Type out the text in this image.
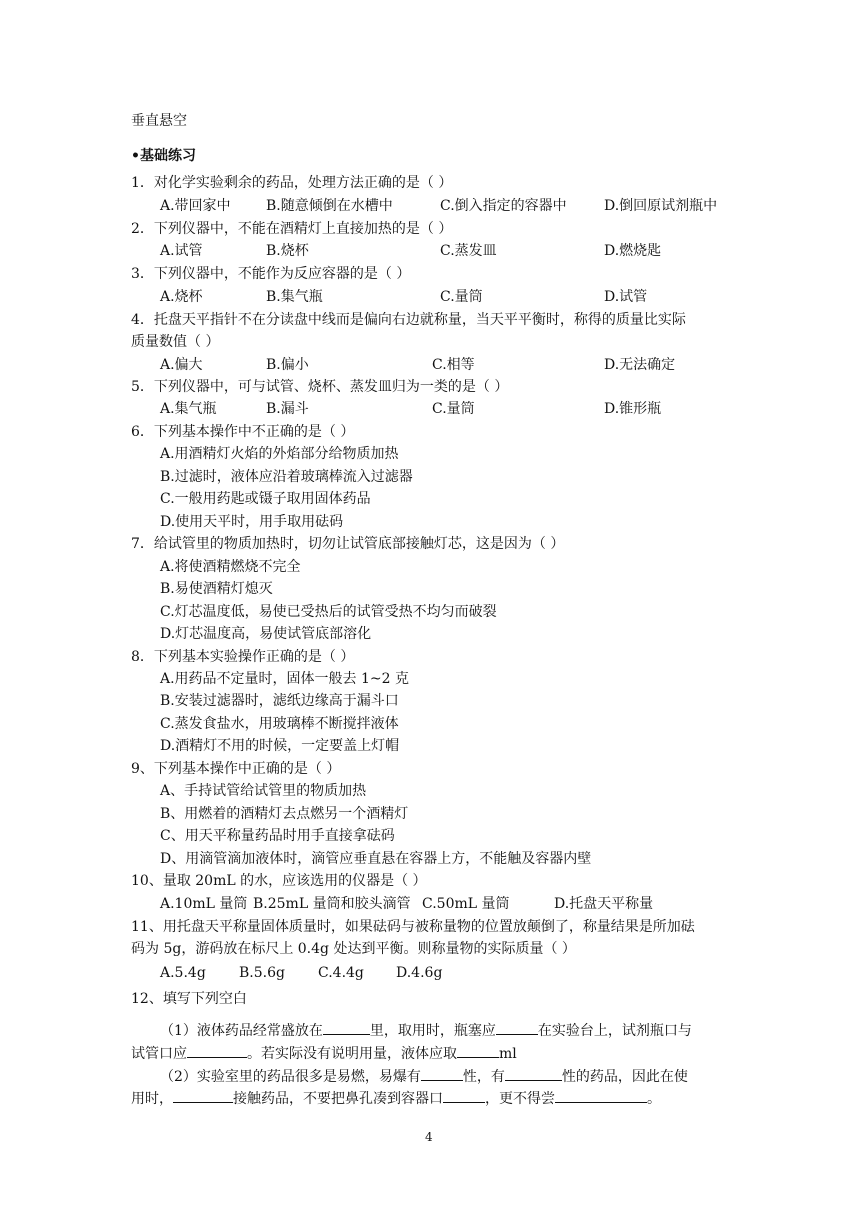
垂直悬空
•基础练习
1．对化学实验剩余的药品，处理方法正确的是（ ）
A.带回家中	B.随意倾倒在水槽中	C.倒入指定的容器中	D.倒回原试剂瓶中
2．下列仪器中，不能在酒精灯上直接加热的是（ ）
A.试管	B.烧杯	C.蒸发皿	D.燃烧匙
3．下列仪器中，不能作为反应容器的是（ ）
A.烧杯	B.集气瓶	C.量筒	D.试管
4．托盘天平指针不在分读盘中线而是偏向右边就称量，当天平平衡时，称得的质量比实际
质量数值（ ）
A.偏大	B.偏小	C.相等	D.无法确定
5．下列仪器中，可与试管、烧杯、蒸发皿归为一类的是（ ）
A.集气瓶	B.漏斗	C.量筒	D.锥形瓶
6．下列基本操作中不正确的是（ ）
A.用酒精灯火焰的外焰部分给物质加热
B.过滤时，液体应沿着玻璃棒流入过滤器
C.一般用药匙或镊子取用固体药品
D.使用天平时，用手取用砝码
7．给试管里的物质加热时，切勿让试管底部接触灯芯，这是因为（ ）
A.将使酒精燃烧不完全
B.易使酒精灯熄灭
C.灯芯温度低，易使已受热后的试管受热不均匀而破裂
D.灯芯温度高，易使试管底部溶化
8．下列基本实验操作正确的是（ ）
A.用药品不定量时，固体一般去 1~2 克
B.安装过滤器时，滤纸边缘高于漏斗口
C.蒸发食盐水，用玻璃棒不断搅拌液体
D.酒精灯不用的时候，一定要盖上灯帽
9、下列基本操作中正确的是（ ）
A、手持试管给试管里的物质加热
B、用燃着的酒精灯去点燃另一个酒精灯
C、用天平称量药品时用手直接拿砝码
D、用滴管滴加液体时，滴管应垂直悬在容器上方，不能触及容器内壁
10、量取 20mL 的水，应该选用的仪器是（ ）
A.10mL 量筒 B.25mL 量筒和胶头滴管 C.50mL 量筒	D.托盘天平称量
11、用托盘天平称量固体质量时，如果砝码与被称量物的位置放颠倒了，称量结果是所加砝
码为 5g，游码放在标尺上 0.4g 处达到平衡。则称量物的实际质量（ ）
A.5.4g B.5.6g C.4.4g D.4.6g
12、填写下列空白
（1）液体药品经常盛放在	里，取用时，瓶塞应	在实验台上，试剂瓶口与
试管口应	。若实际没有说明用量，液体应取	ml
（2）实验室里的药品很多是易燃，易爆有	性，有	性的药品，因此在使
用时，	接触药品，不要把鼻孔凑到容器口	，更不得尝	。
4
